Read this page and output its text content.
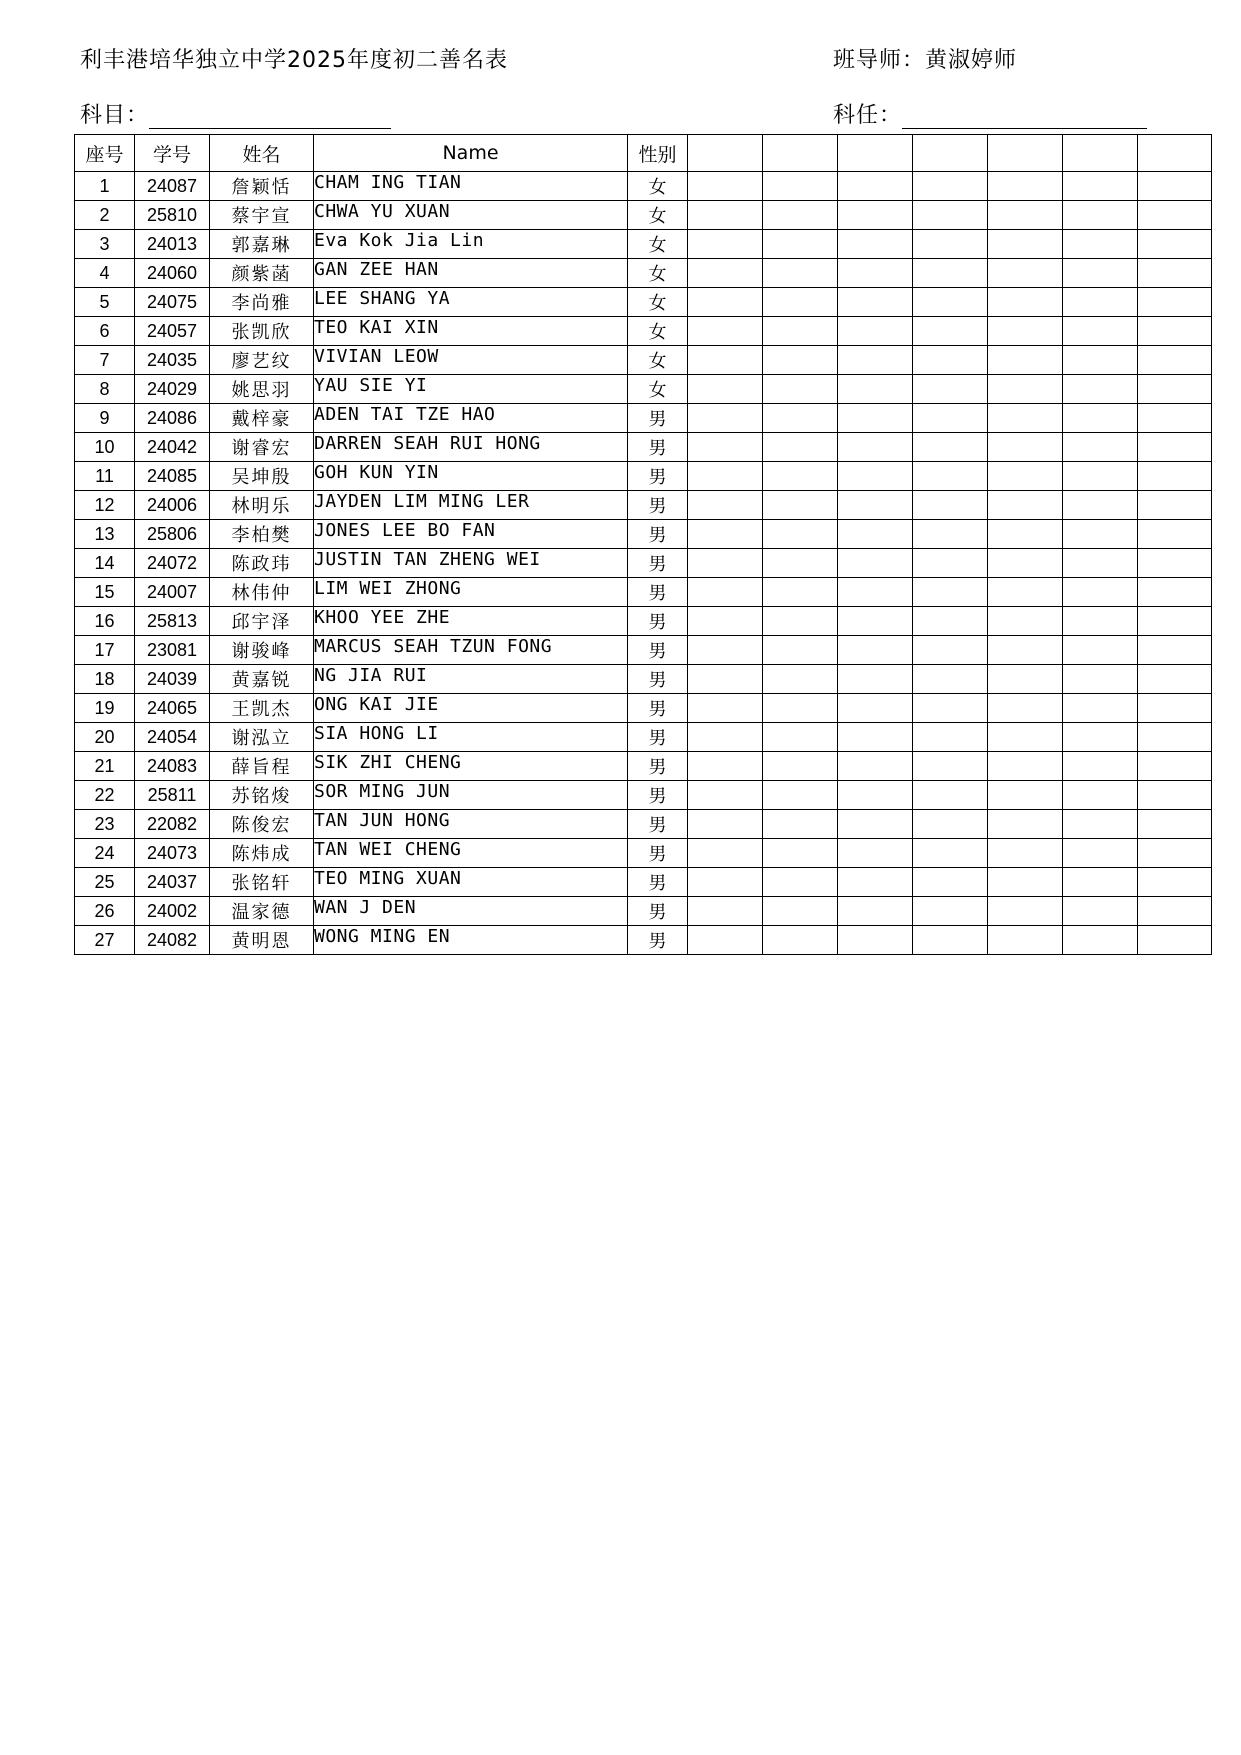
利丰港培华独立中学2025年度初二善名表	班导师：黄淑婷师
科目：	科任：
座号	学号	姓名	Name	性别							
1	24087	詹颖恬	CHAM ING TIAN	女							
2	25810	蔡宇宣	CHWA YU XUAN	女							
3	24013	郭嘉琳	Eva Kok Jia Lin	女							
4	24060	颜紫菡	GAN ZEE HAN	女							
5	24075	李尚雅	LEE SHANG YA	女							
6	24057	张凯欣	TEO KAI XIN	女							
7	24035	廖艺纹	VIVIAN LEOW	女							
8	24029	姚思羽	YAU SIE YI	女							
9	24086	戴梓豪	ADEN TAI TZE HAO	男							
10	24042	谢睿宏	DARREN SEAH RUI HONG	男							
11	24085	吴坤殷	GOH KUN YIN	男							
12	24006	林明乐	JAYDEN LIM MING LER	男							
13	25806	李柏樊	JONES LEE BO FAN	男							
14	24072	陈政玮	JUSTIN TAN ZHENG WEI	男							
15	24007	林伟仲	LIM WEI ZHONG	男							
16	25813	邱宇泽	KHOO YEE ZHE	男							
17	23081	谢骏峰	MARCUS SEAH TZUN FONG	男							
18	24039	黄嘉锐	NG JIA RUI	男							
19	24065	王凯杰	ONG KAI JIE	男							
20	24054	谢泓立	SIA HONG LI	男							
21	24083	薛旨程	SIK ZHI CHENG	男							
22	25811	苏铭焌	SOR MING JUN	男							
23	22082	陈俊宏	TAN JUN HONG	男							
24	24073	陈炜成	TAN WEI CHENG	男							
25	24037	张铭轩	TEO MING XUAN	男							
26	24002	温家德	WAN J DEN	男							
27	24082	黄明恩	WONG MING EN	男							
